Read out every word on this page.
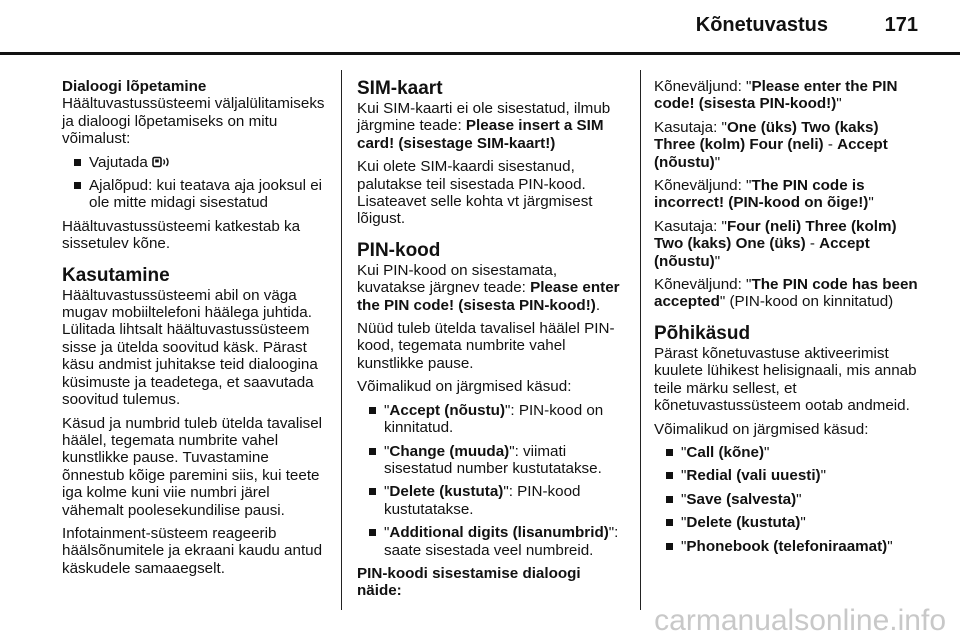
Kõnetuvastus	171

Dialoogi lõpetamine

Häältuvastussüsteemi väljalülitamiseks ja dialoogi lõpetamiseks on mitu võimalust:

Vajutada
Ajalõpud: kui teatava aja jooksul ei ole mitte midagi sisestatud

Häältuvastussüsteemi katkestab ka sissetulev kõne.

Kasutamine

Häältuvastussüsteemi abil on väga mugav mobiiltelefoni häälega juhtida. Lülitada lihtsalt häältuvastussüsteem sisse ja ütelda soovitud käsk. Pärast käsu andmist juhitakse teid dialoogina küsimuste ja teadetega, et saavutada soovitud tulemus.

Käsud ja numbrid tuleb ütelda tavalisel häälel, tegemata numbrite vahel kunstlikke pause. Tuvastamine õnnestub kõige paremini siis, kui teete iga kolme kuni viie numbri järel vähemalt poolesekundilise pausi.

Infotainment-süsteem reageerib häälsõnumitele ja ekraani kaudu antud käskudele samaaegselt.

SIM-kaart

Kui SIM-kaarti ei ole sisestatud, ilmub järgmine teade: Please insert a SIM card! (sisestage SIM-kaart!)

Kui olete SIM-kaardi sisestanud, palutakse teil sisestada PIN-kood. Lisateavet selle kohta vt järgmisest lõigust.

PIN-kood

Kui PIN-kood on sisestamata, kuvatakse järgnev teade: Please enter the PIN code! (sisesta PIN-kood!).

Nüüd tuleb ütelda tavalisel häälel PIN-kood, tegemata numbrite vahel kunstlikke pause.

Võimalikud on järgmised käsud:

"Accept (nõustu)": PIN-kood on kinnitatud.
"Change (muuda)": viimati sisestatud number kustutatakse.
"Delete (kustuta)": PIN-kood kustutatakse.
"Additional digits (lisanumbrid)": saate sisestada veel numbreid.

PIN-koodi sisestamise dialoogi näide:

Kõneväljund: "Please enter the PIN code! (sisesta PIN-kood!)"

Kasutaja: "One (üks) Two (kaks) Three (kolm) Four (neli) - Accept (nõustu)"

Kõneväljund: "The PIN code is incorrect! (PIN-kood on õige!)"

Kasutaja: "Four (neli) Three (kolm) Two (kaks) One (üks) - Accept (nõustu)"

Kõneväljund: "The PIN code has been accepted" (PIN-kood on kinnitatud)

Põhikäsud

Pärast kõnetuvastuse aktiveerimist kuulete lühikest helisignaali, mis annab teile märku sellest, et kõnetuvastussüsteem ootab andmeid.

Võimalikud on järgmised käsud:

"Call (kõne)"
"Redial (vali uuesti)"
"Save (salvesta)"
"Delete (kustuta)"
"Phonebook (telefoniraamat)"
carmanualsonline.info
